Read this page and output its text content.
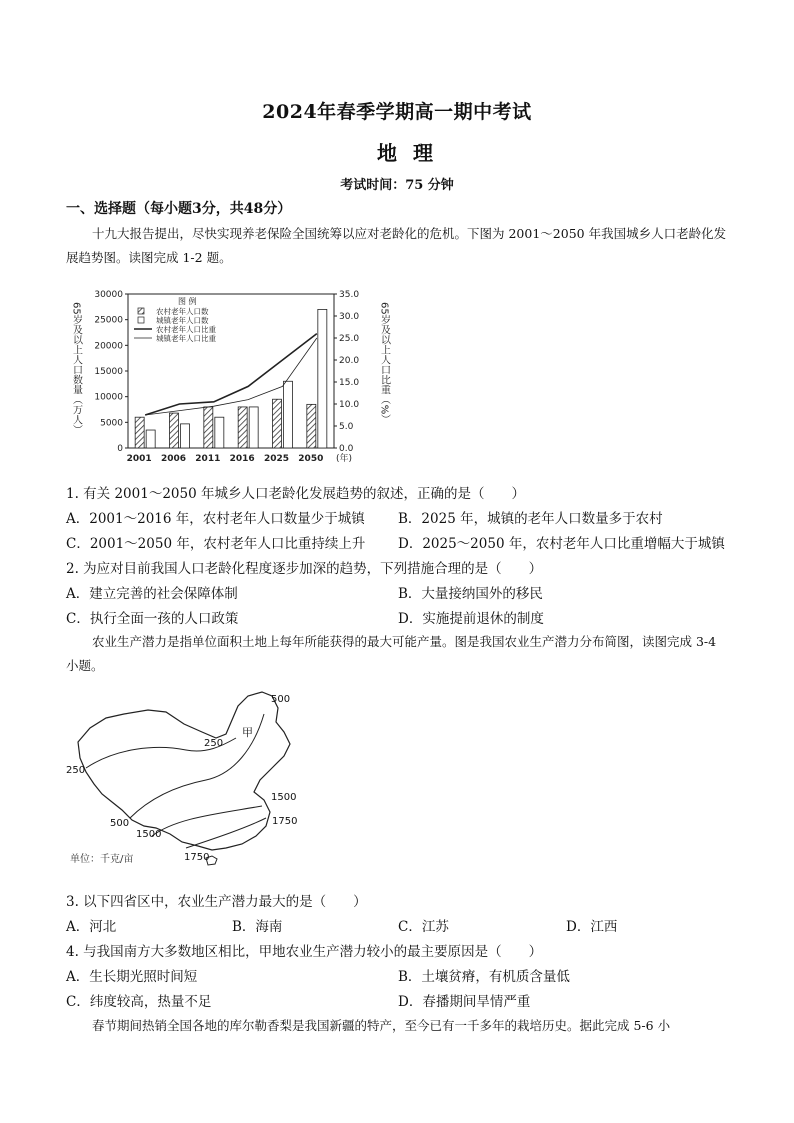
2024年春季学期高一期中考试
地理
考试时间：75 分钟
一、选择题（每小题3分，共48分）
十九大报告提出，尽快实现养老保险全国统筹以应对老龄化的危机。下图为 2001～2050 年我国城乡人口老龄化发展趋势图。读图完成 1-2 题。
0
5000
10000
15000
20000
25000
30000
0.0
5.0
10.0
15.0
20.0
25.0
30.0
35.0
2001 2006 2011 2016 2025 2050 (年)
图 例
农村老年人口数
城镇老年人口数
农村老年人口比重
城镇老年人口比重
65岁及以上人口数量（万人）	65岁及以上人口比重（%）
1. 有关 2001～2050 年城乡人口老龄化发展趋势的叙述，正确的是（　　）
A．2001～2016 年，农村老年人口数量少于城镇 B．2025 年，城镇的老年人口数量多于农村
C．2001～2050 年，农村老年人口比重持续上升 D．2025～2050 年，农村老年人口比重增幅大于城镇
2. 为应对目前我国人口老龄化程度逐步加深的趋势，下列措施合理的是（　　）
A．建立完善的社会保障体制	B．大量接纳国外的移民
C．执行全面一孩的人口政策	D．实施提前退休的制度
农业生产潜力是指单位面积土地上每年所能获得的最大可能产量。图是我国农业生产潜力分布简图，读图完成 3-4 小题。
500
250
甲
250
1500
500	1750
1500
1750
单位：千克/亩
3. 以下四省区中，农业生产潜力最大的是（　　）
A．河北	B．海南	C．江苏	D．江西
4. 与我国南方大多数地区相比，甲地农业生产潜力较小的最主要原因是（　　）
A．生长期光照时间短	B．土壤贫瘠，有机质含量低
C．纬度较高，热量不足	D．春播期间旱情严重
春节期间热销全国各地的库尔勒香梨是我国新疆的特产，至今已有一千多年的栽培历史。据此完成 5-6 小
